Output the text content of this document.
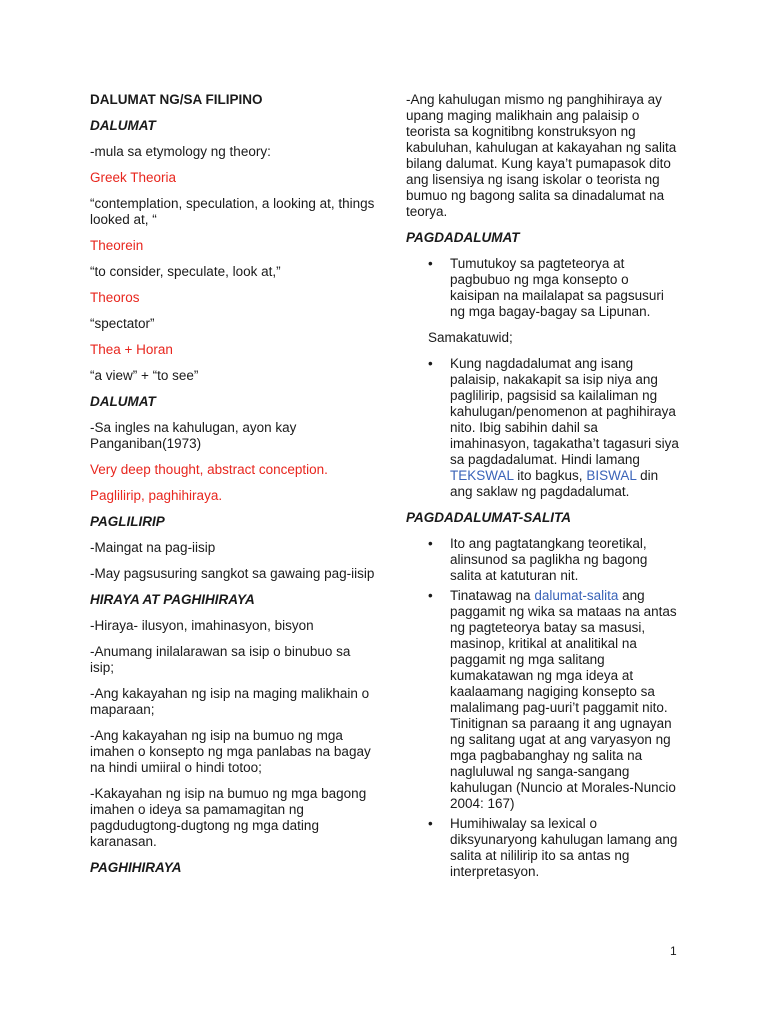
DALUMAT NG/SA FILIPINO

DALUMAT

-mula sa etymology ng theory:

Greek Theoria

“contemplation, speculation, a looking at, things looked at, “

Theorein

“to consider, speculate, look at,”

Theoros

“spectator”

Thea + Horan

“a view” + “to see”

DALUMAT

-Sa ingles na kahulugan, ayon kay Panganiban(1973)

Very deep thought, abstract conception.

Paglilirip, paghihiraya.

PAGLILIRIP

-Maingat na pag-iisip

-May pagsusuring sangkot sa gawaing pag-iisip

HIRAYA AT PAGHIHIRAYA

-Hiraya- ilusyon, imahinasyon, bisyon

-Anumang inilalarawan sa isip o binubuo sa isip;

-Ang kakayahan ng isip na maging malikhain o maparaan;

-Ang kakayahan ng isip na bumuo ng mga imahen o konsepto ng mga panlabas na bagay na hindi umiiral o hindi totoo;

-Kakayahan ng isip na bumuo ng mga bagong imahen o ideya sa pamamagitan ng pagdudugtong-dugtong ng mga dating karanasan.

PAGHIHIRAYA

-Ang kahulugan mismo ng panghihiraya ay upang maging malikhain ang palaisip o teorista sa kognitibng konstruksyon ng kabuluhan, kahulugan at kakayahan ng salita bilang dalumat. Kung kaya’t pumapasok dito ang lisensiya ng isang iskolar o teorista ng bumuo ng bagong salita sa dinadalumat na teorya.

PAGDADALUMAT

• Tumutukoy sa pagteteorya at pagbubuo ng mga konsepto o kaisipan na mailalapat sa pagsusuri ng mga bagay-bagay sa Lipunan.

Samakatuwid;

• Kung nagdadalumat ang isang palaisip, nakakapit sa isip niya ang paglilirip, pagsisid sa kailaliman ng kahulugan/penomenon at paghihiraya nito. Ibig sabihin dahil sa imahinasyon, tagakatha’t tagasuri siya sa pagdadalumat. Hindi lamang TEKSWAL ito bagkus, BISWAL din ang saklaw ng pagdadalumat.

PAGDADALUMAT-SALITA

• Ito ang pagtatangkang teoretikal, alinsunod sa paglikha ng bagong salita at katuturan nit.
• Tinatawag na dalumat-salita ang paggamit ng wika sa mataas na antas ng pagteteorya batay sa masusi, masinop, kritikal at analitikal na paggamit ng mga salitang kumakatawan ng mga ideya at kaalaamang nagiging konsepto sa malalimang pag-uuri’t paggamit nito. Tinitignan sa paraang it ang ugnayan ng salitang ugat at ang varyasyon ng mga pagbabanghay ng salita na nagluluwal ng sanga-sangang kahulugan (Nuncio at Morales-Nuncio 2004: 167)
• Humihiwalay sa lexical o diksyunaryong kahulugan lamang ang salita at nililirip ito sa antas ng interpretasyon.
1
